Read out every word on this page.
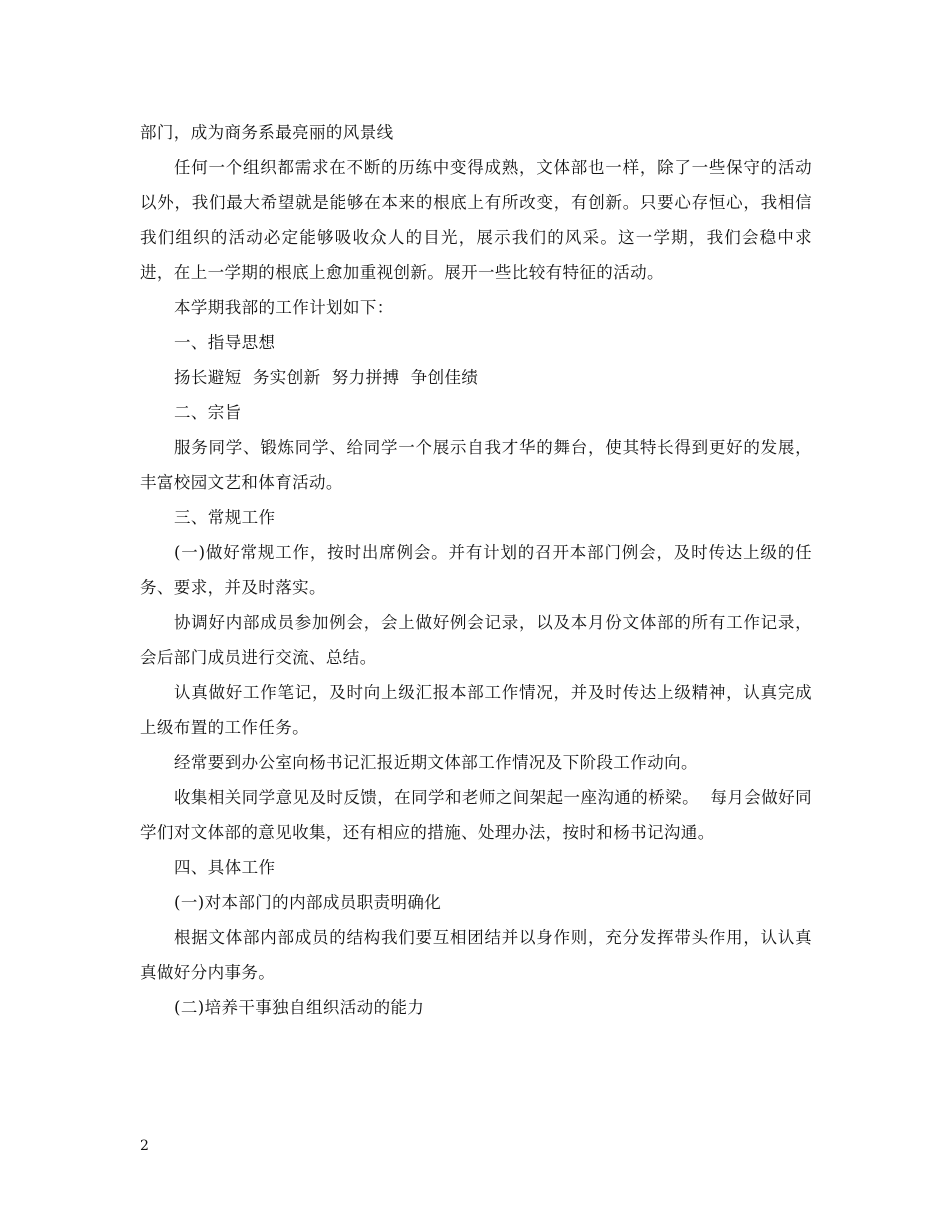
部门，成为商务系最亮丽的风景线

任何一个组织都需求在不断的历练中变得成熟，文体部也一样，除了一些保守的活动以外，我们最大希望就是能够在本来的根底上有所改变，有创新。只要心存恒心，我相信我们组织的活动必定能够吸收众人的目光，展示我们的风采。这一学期，我们会稳中求进，在上一学期的根底上愈加重视创新。展开一些比较有特征的活动。

本学期我部的工作计划如下：

一、指导思想

扬长避短  务实创新  努力拼搏  争创佳绩

二、宗旨

服务同学、锻炼同学、给同学一个展示自我才华的舞台，使其特长得到更好的发展，丰富校园文艺和体育活动。

三、常规工作

(一)做好常规工作，按时出席例会。并有计划的召开本部门例会，及时传达上级的任务、要求，并及时落实。

协调好内部成员参加例会，会上做好例会记录，以及本月份文体部的所有工作记录，会后部门成员进行交流、总结。

认真做好工作笔记，及时向上级汇报本部工作情况，并及时传达上级精神，认真完成上级布置的工作任务。

经常要到办公室向杨书记汇报近期文体部工作情况及下阶段工作动向。

收集相关同学意见及时反馈，在同学和老师之间架起一座沟通的桥梁。  每月会做好同学们对文体部的意见收集，还有相应的措施、处理办法，按时和杨书记沟通。

四、具体工作

(一)对本部门的内部成员职责明确化

根据文体部内部成员的结构我们要互相团结并以身作则，充分发挥带头作用，认认真真做好分内事务。

(二)培养干事独自组织活动的能力

2
